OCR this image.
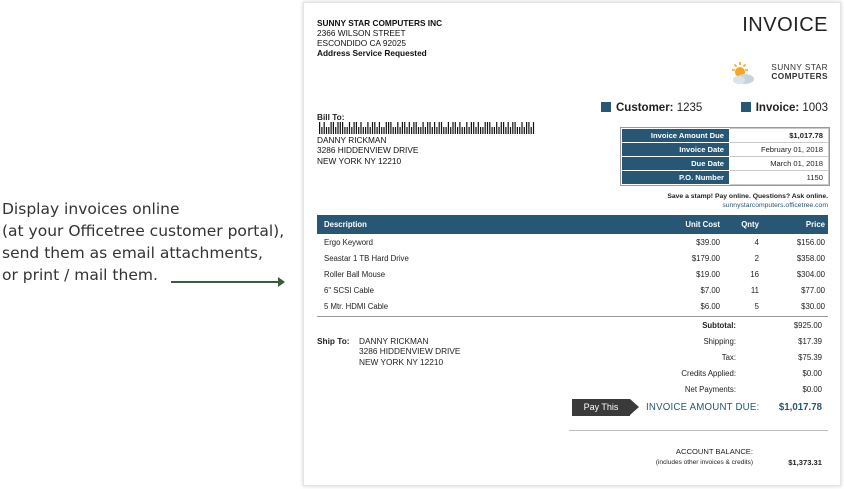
Display invoices online
(at your Officetree customer portal),
send them as email attachments,
or print / mail them.
SUNNY STAR COMPUTERS INC
2366 WILSON STREET
ESCONDIDO CA 92025
Address Service Requested
INVOICE
SUNNY STAR
COMPUTERS
Bill To:
DANNY RICKMAN
3286 HIDDENVIEW DRIVE
NEW YORK NY 12210
Customer: 1235	Invoice: 1003
Invoice Amount Due	$1,017.78
Invoice Date	February 01, 2018
Due Date	March 01, 2018
P.O. Number	1150
Save a stamp! Pay online. Questions? Ask online.
sunnystarcomputers.officetree.com
Description	Unit Cost	Qnty	Price
Ergo Keyword	$39.00	4	$156.00
Seastar 1 TB Hard Drive	$179.00	2	$358.00
Roller Ball Mouse	$19.00	16	$304.00
6" SCSI Cable	$7.00	11	$77.00
5 Mtr. HDMI Cable	$6.00	5	$30.00
Ship To: DANNY RICKMAN
3286 HIDDENVIEW DRIVE
NEW YORK NY 12210
Subtotal:	$925.00
Shipping:	$17.39
Tax:	$75.39
Credits Applied:	$0.00
Net Payments:	$0.00
Pay This	INVOICE AMOUNT DUE: $1,017.78
ACCOUNT BALANCE:
(includes other invoices & credits)	$1,373.31
